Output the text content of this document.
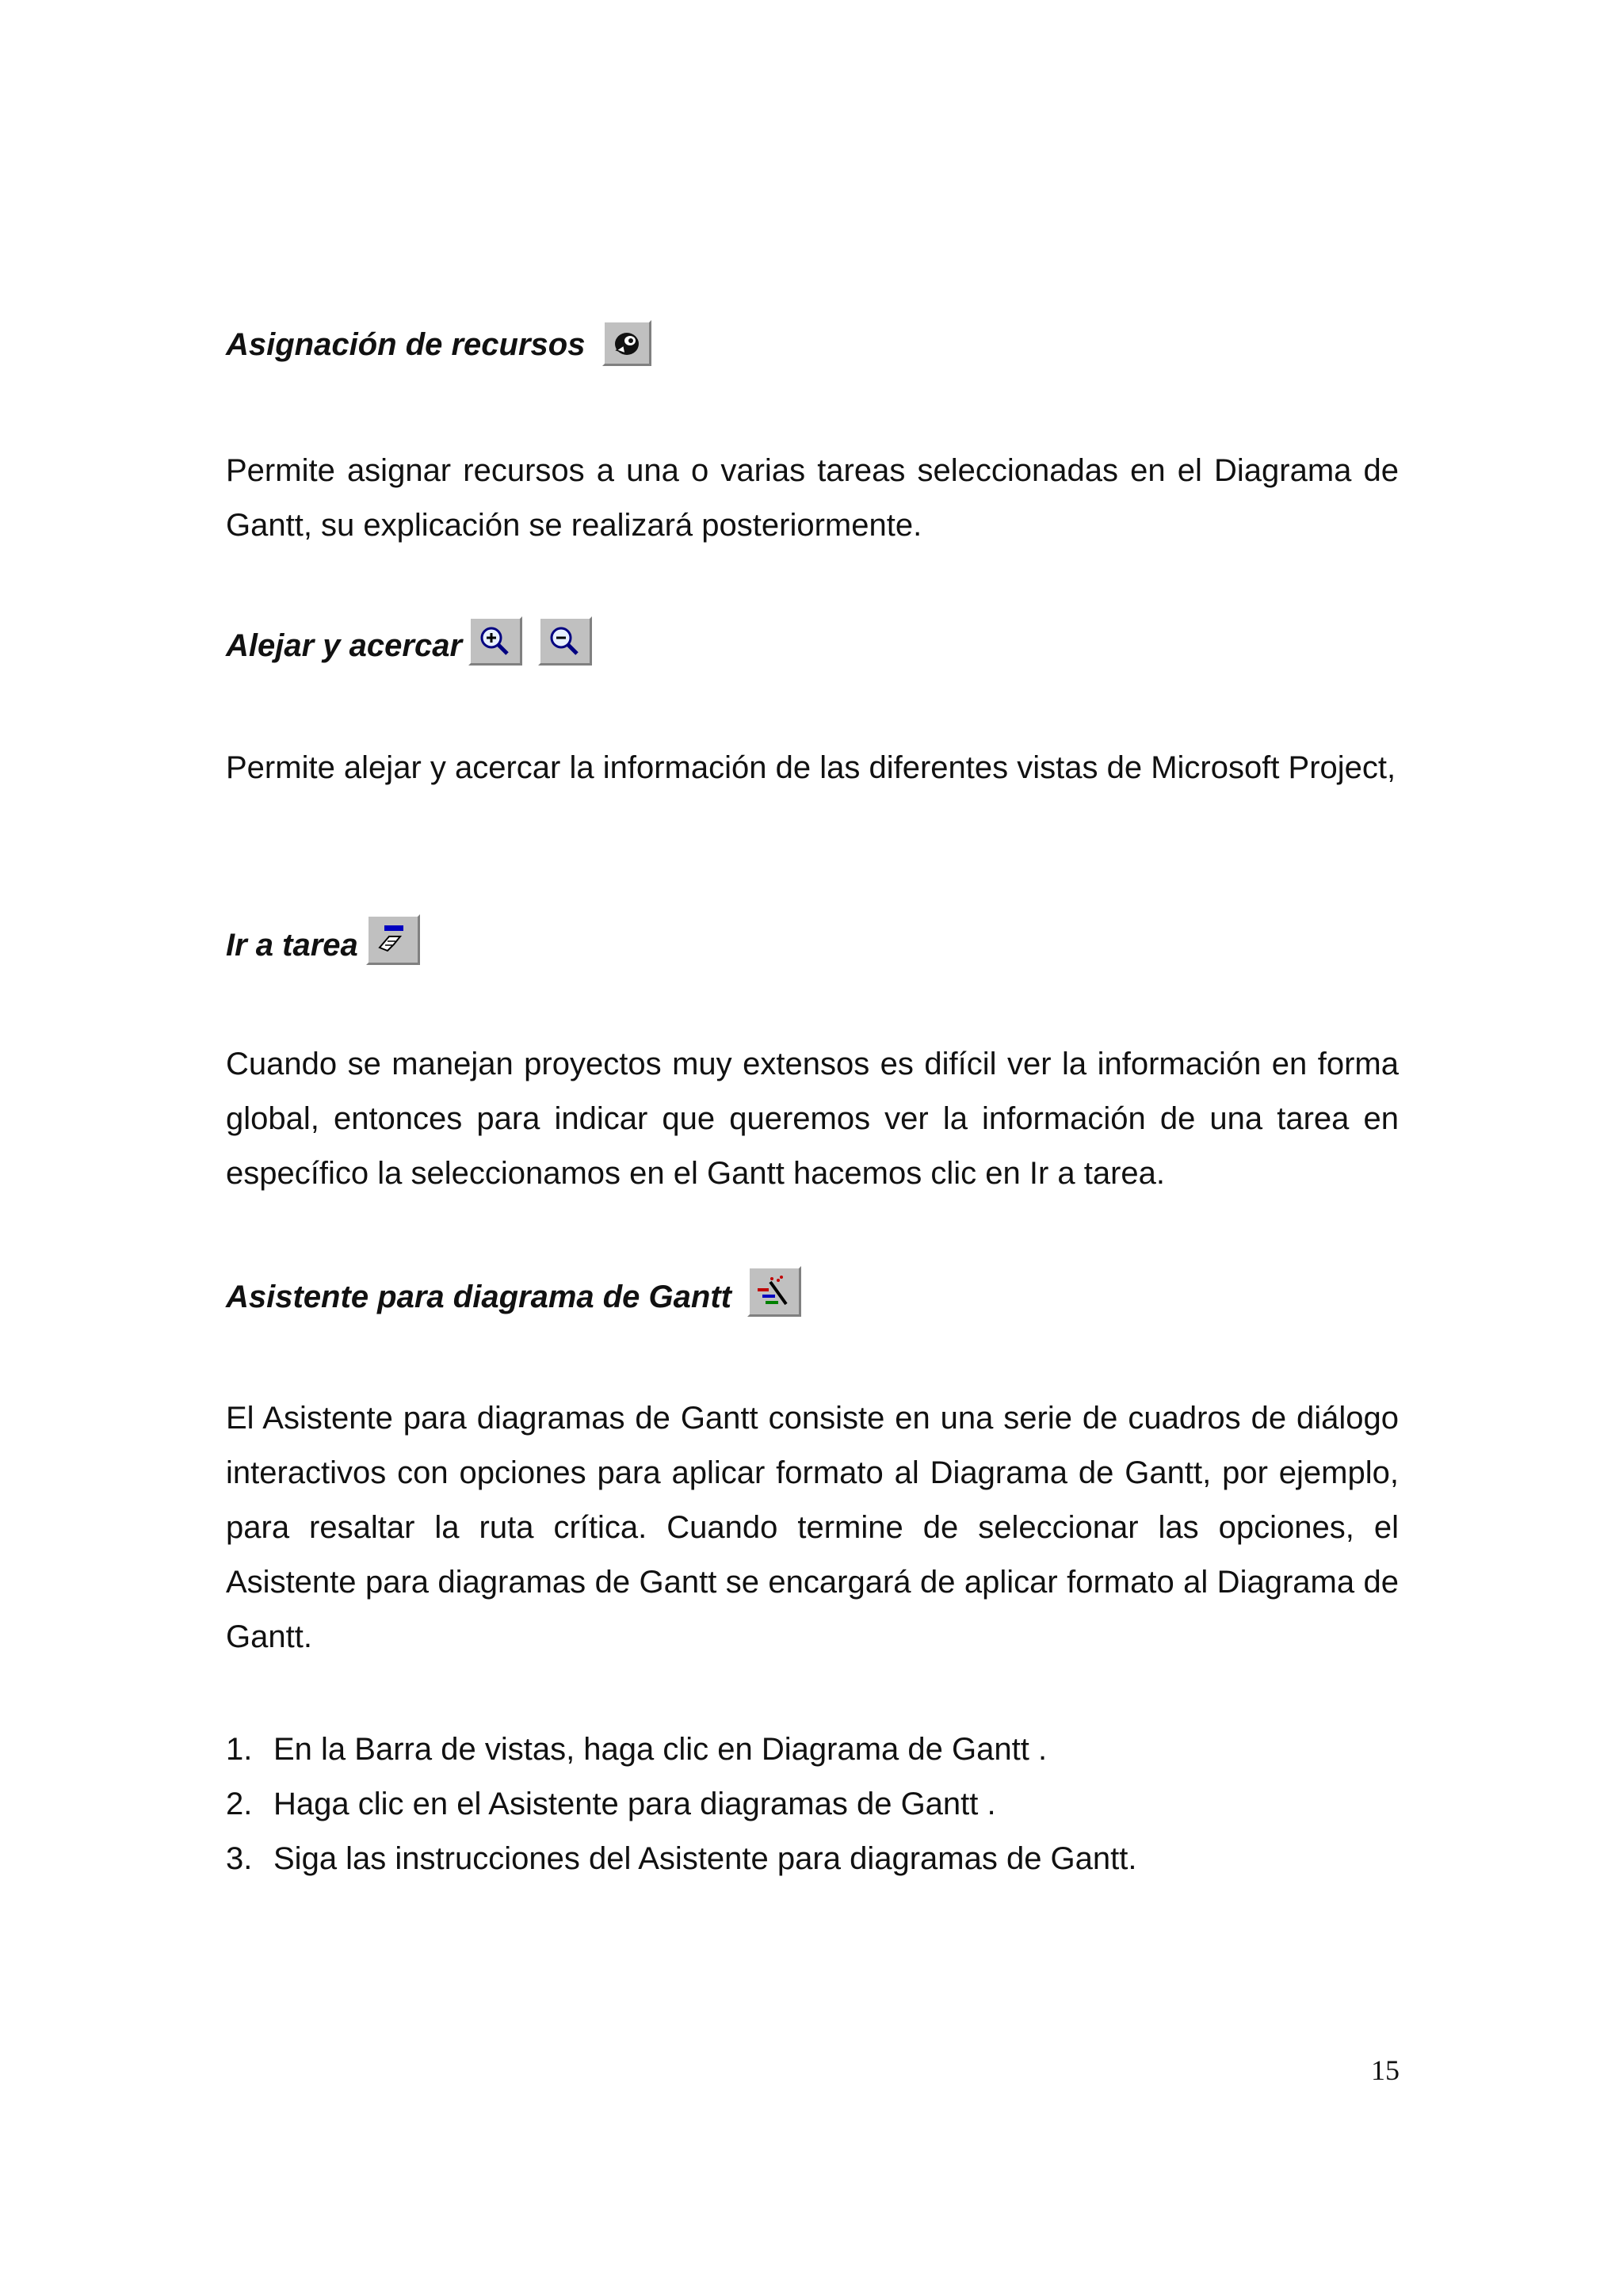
Asignación de recursos

Permite asignar recursos a una o varias tareas seleccionadas en el Diagrama de Gantt, su explicación se realizará posteriormente.

Alejar y acercar

Permite alejar y acercar la información de las diferentes vistas de Microsoft Project,

Ir a tarea

Cuando se manejan proyectos muy extensos es difícil ver la información en forma global, entonces para indicar que queremos ver la información de una tarea en específico la seleccionamos en el Gantt hacemos clic en Ir a tarea.

Asistente para diagrama de Gantt

El Asistente para diagramas de Gantt consiste en una serie de cuadros de diálogo interactivos con opciones para aplicar formato al Diagrama de Gantt, por ejemplo, para resaltar la ruta crítica. Cuando termine de seleccionar las opciones, el Asistente para diagramas de Gantt se encargará de aplicar formato al Diagrama de Gantt.

1. En la Barra de vistas, haga clic en Diagrama de Gantt .
2. Haga clic en el Asistente para diagramas de Gantt .
3. Siga las instrucciones del Asistente para diagramas de Gantt.
15
